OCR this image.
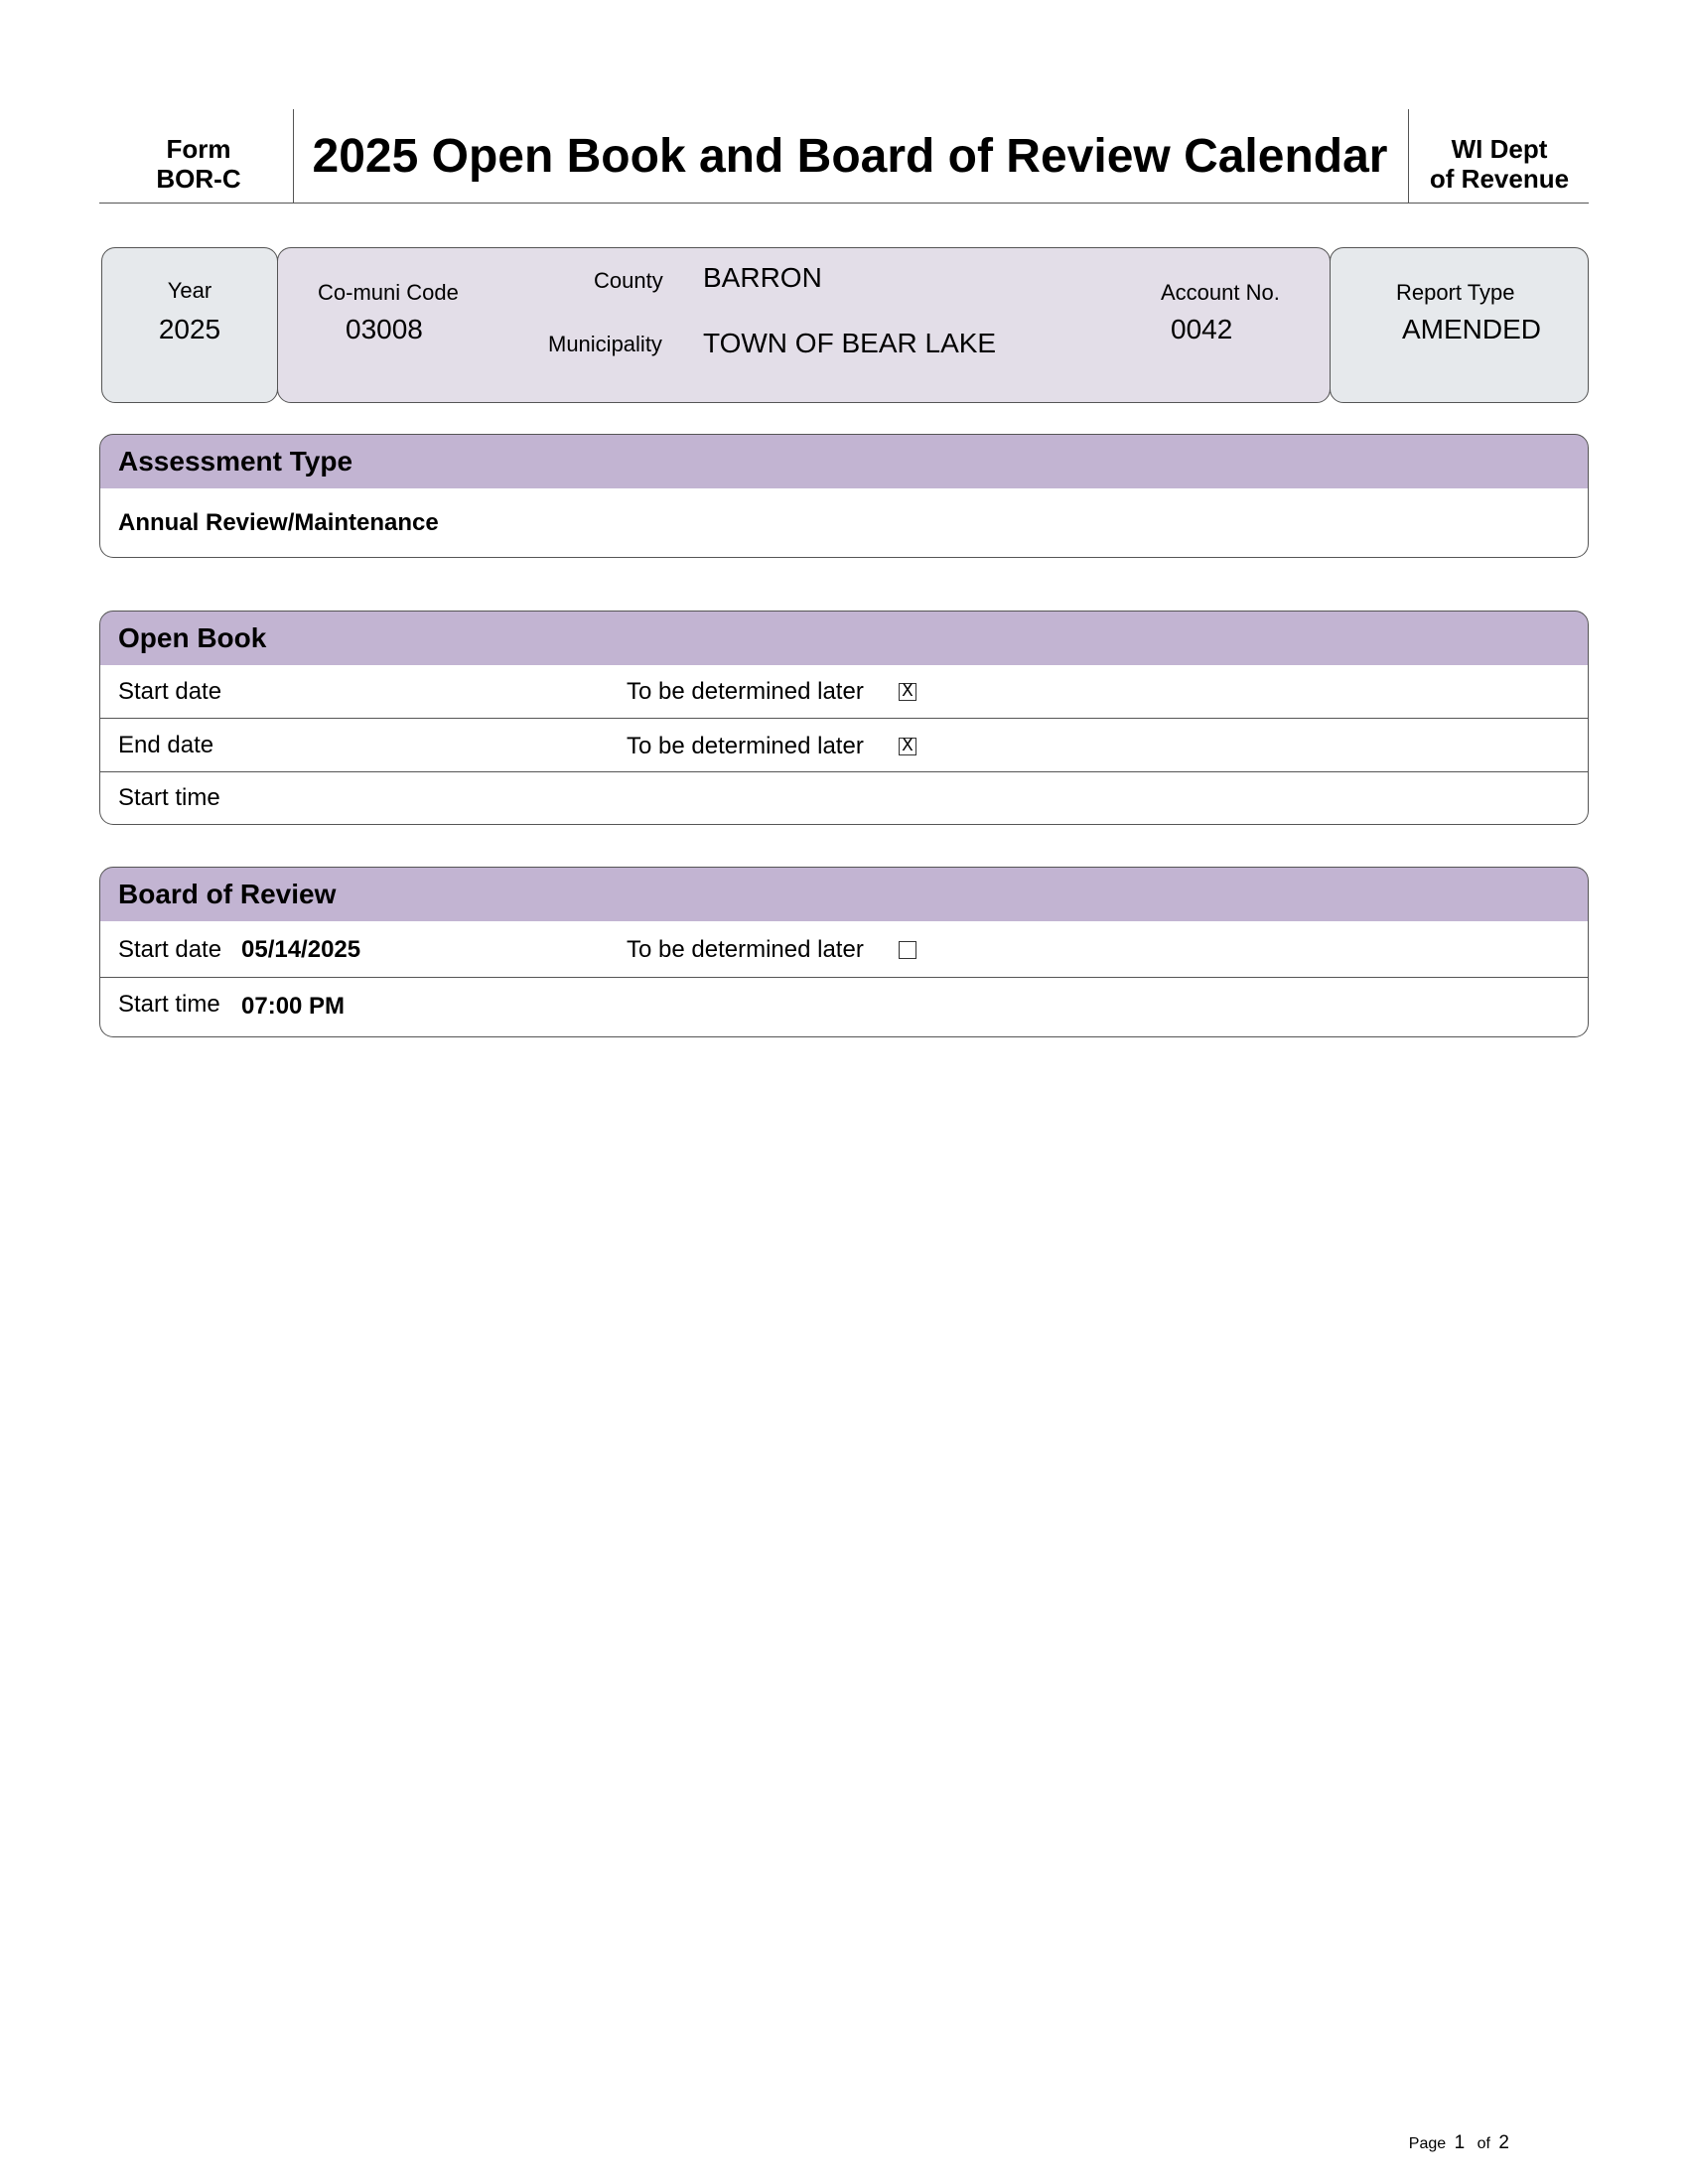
Form
BOR-C	2025 Open Book and Board of Review Calendar	WI Dept
of Revenue
Year
2025
Co-muni Code
03008
County BARRON
Municipality TOWN OF BEAR LAKE
Account No.
0042
Report Type
AMENDED
Assessment Type
Annual Review/Maintenance
Open Book
Start date	To be determined later X
End date	To be determined later X
Start time
Board of Review
Start date 05/14/2025	To be determined later
Start time 07:00 PM
Page 1 of 2
